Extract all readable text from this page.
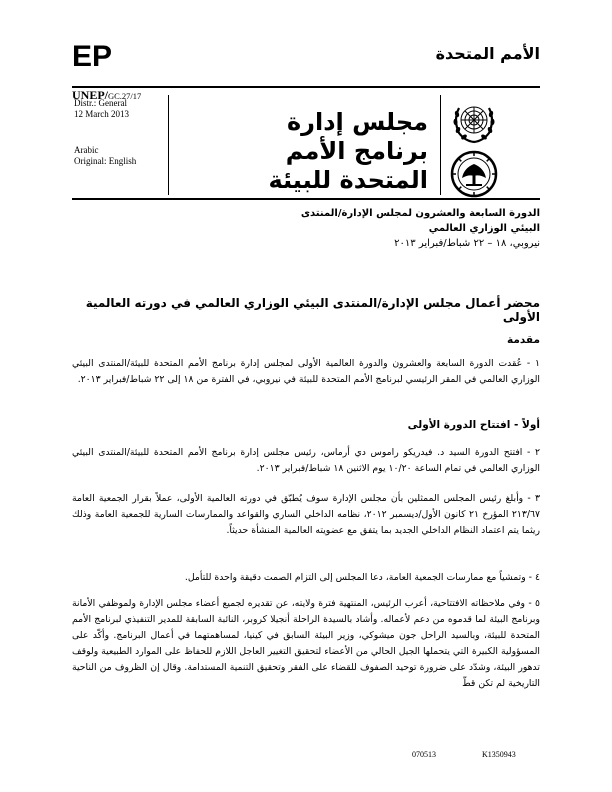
EP	الأمم المتحدة
UNEP/GC.27/17
Distr.: General
12 March 2013
Arabic
Original: English
مجلس إدارة
برنامج الأمم
المتحدة للبيئة
الدورة السابعة والعشرون لمجلس الإدارة/المنتدى
البيئي الوزاري العالمي
نيروبي، ١٨ – ٢٢ شباط/فبراير ٢٠١٣
محضر أعمال مجلس الإدارة/المنتدى البيئي الوزاري العالمي في دورته العالمية الأولى
مقدمة
١ - عُقدت الدورة السابعة والعشرون والدورة العالمية الأولى لمجلس إدارة برنامج الأمم المتحدة للبيئة/المنتدى البيئي الوزاري العالمي في المقر الرئيسي لبرنامج الأمم المتحدة للبيئة في نيروبي، في الفترة من ١٨ إلى ٢٢ شباط/فبراير ٢٠١٣.
أولاً - افتتاح الدورة الأولى
٢ - افتتح الدورة السيد د. فيدريكو راموس دي أرماس، رئيس مجلس إدارة برنامج الأمم المتحدة للبيئة/المنتدى البيئي الوزاري العالمي في تمام الساعة ١٠/٢٠ يوم الاثنين ١٨ شباط/فبراير ٢٠١٣.
٣ - وأبلغ رئيس المجلس الممثلين بأن مجلس الإدارة سوف يُطبّق في دورته العالمية الأولى، عملاً بقرار الجمعية العامة ٢١٣/٦٧ المؤرخ ٢١ كانون الأول/ديسمبر ٢٠١٢، نظامه الداخلي الساري والقواعد والممارسات السارية للجمعية العامة وذلك ريثما يتم اعتماد النظام الداخلي الجديد بما يتفق مع عضويته العالمية المنشأة حديثاً.
٤ - وتمشياً مع ممارسات الجمعية العامة، دعا المجلس إلى التزام الصمت دقيقة واحدة للتأمل.
٥ - وفي ملاحظاته الافتتاحية، أعرب الرئيس، المنتهية فترة ولايته، عن تقديره لجميع أعضاء مجلس الإدارة ولموظفي الأمانة وبرنامج البيئة لما قدموه من دعم لأعماله. وأشاد بالسيدة الراحلة أنجيلا كروبر، النائبة السابقة للمدير التنفيذي لبرنامج الأمم المتحدة للبيئة، وبالسيد الراحل جون ميشوكي، وزير البيئة السابق في كينيا، لمساهمتهما في أعمال البرنامج. وأكّد على المسؤولية الكبيرة التي يتحملها الجيل الحالي من الأعضاء لتحقيق التغيير العاجل اللازم للحفاظ على الموارد الطبيعية ولوقف تدهور البيئة، وشدّد على ضرورة توحيد الصفوف للقضاء على الفقر وتحقيق التنمية المستدامة. وقال إن الظروف من الناحية التاريخية لم تكن قطّ
070513	K1350943
